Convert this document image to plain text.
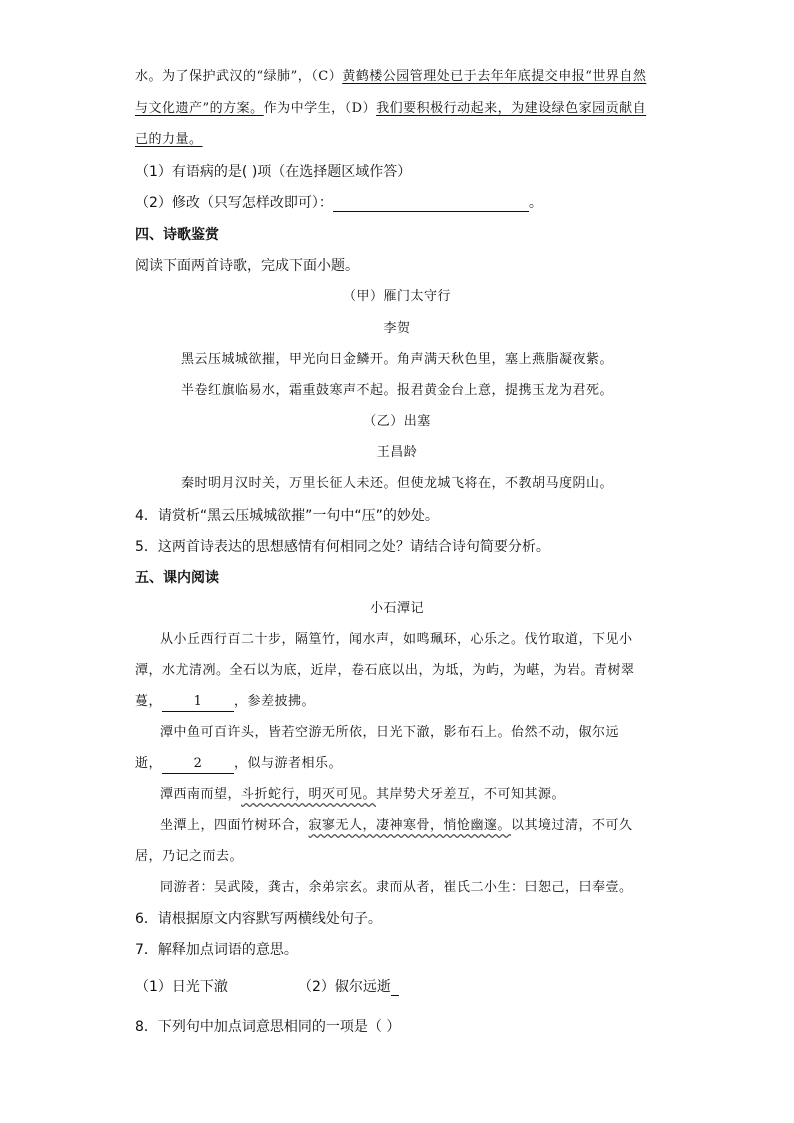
水。为了保护武汉的“绿肺”，（C）黄鹤楼公园管理处已于去年年底提交申报“世界自然
与文化遗产”的方案。作为中学生，（D）我们要积极行动起来，为建设绿色家园贡献自
己的力量。
（1）有语病的是( )项（在选择题区域作答）
（2）修改（只写怎样改即可）：	。
四、诗歌鉴赏
阅读下面两首诗歌，完成下面小题。
（甲）雁门太守行
李贺
黑云压城城欲摧，甲光向日金鳞开。角声满天秋色里，塞上燕脂凝夜紫。
半卷红旗临易水，霜重鼓寒声不起。报君黄金台上意，提携玉龙为君死。
（乙）出塞
王昌龄
秦时明月汉时关，万里长征人未还。但使龙城飞将在，不教胡马度阴山。
4．请赏析“黑云压城城欲摧”一句中“压”的妙处。
5．这两首诗表达的思想感情有何相同之处？请结合诗句简要分析。
五、课内阅读
小石潭记
从小丘西行百二十步，隔篁竹，闻水声，如鸣珮环，心乐之。伐竹取道，下见小
潭，水尤清冽。全石以为底，近岸，卷石底以出，为坻，为屿，为嵁，为岩。青树翠
蔓， 1 ，参差披拂。
潭中鱼可百许头，皆若空游无所依，日光下澈，影布石上。佁然不动，俶尔远
逝， 2 ，似与游者相乐。
潭西南而望，斗折蛇行，明灭可见。其岸势犬牙差互，不可知其源。
坐潭上，四面竹树环合，寂寥无人，凄神寒骨，悄怆幽邃。以其境过清，不可久
居，乃记之而去。
同游者：吴武陵，龚古，余弟宗玄。隶而从者，崔氏二小生：曰恕己，曰奉壹。
6．请根据原文内容默写两横线处句子。
7．解释加点词语的意思。
（1）日光下澈	（2）俶尔远逝
8．下列句中加点词意思相同的一项是（ ）
